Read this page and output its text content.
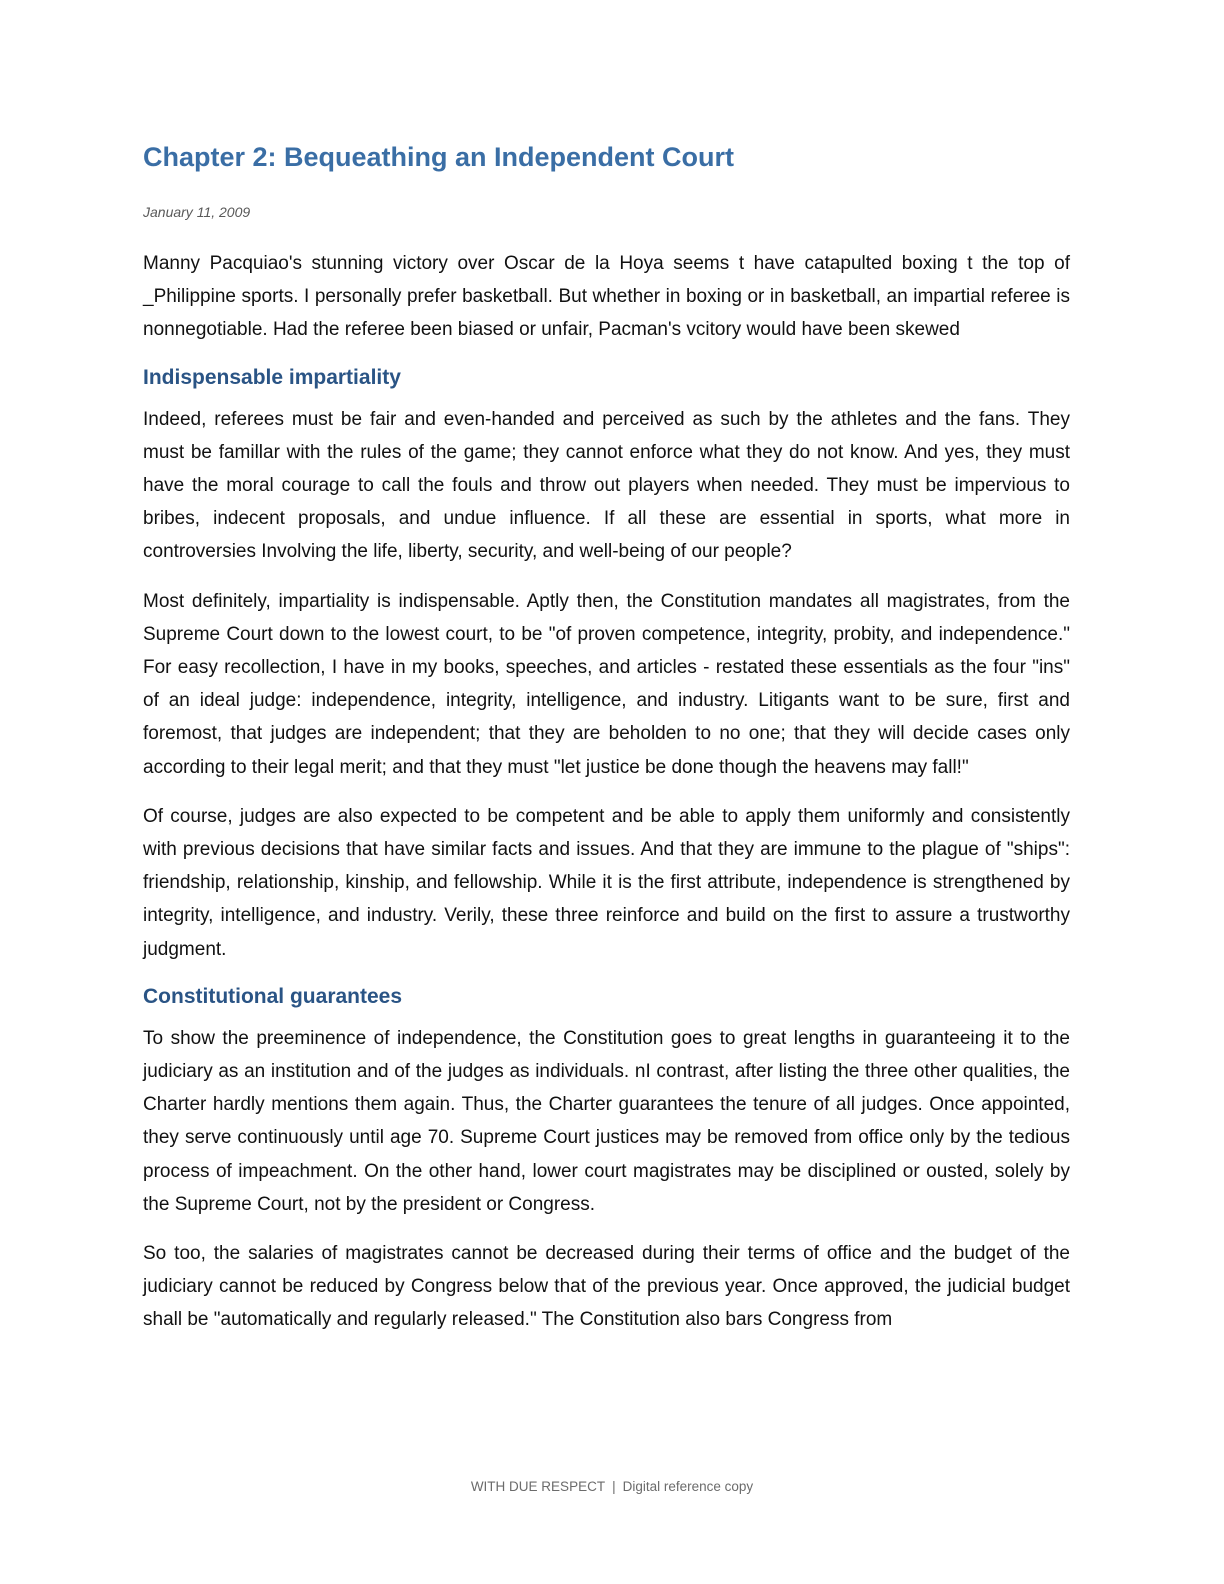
Chapter 2: Bequeathing an Independent Court
January 11, 2009

Manny Pacquiao's stunning victory over Oscar de la Hoya seems t have catapulted boxing t the top of _Philippine sports. I personally prefer basketball. But whether in boxing or in basketball, an impartial referee is nonnegotiable. Had the referee been biased or unfair, Pacman's vcitory would have been skewed

Indispensable impartiality

Indeed, referees must be fair and even-handed and perceived as such by the athletes and the fans. They must be famillar with the rules of the game; they cannot enforce what they do not know. And yes, they must have the moral courage to call the fouls and throw out players when needed. They must be impervious to bribes, indecent proposals, and undue influence. If all these are essential in sports, what more in controversies Involving the life, liberty, security, and well-being of our people?

Most definitely, impartiality is indispensable. Aptly then, the Constitution mandates all magistrates, from the Supreme Court down to the lowest court, to be "of proven competence, integrity, probity, and independence." For easy recollection, I have in my books, speeches, and articles - restated these essentials as the four "ins" of an ideal judge: independence, integrity, intelligence, and industry. Litigants want to be sure, first and foremost, that judges are independent; that they are beholden to no one; that they will decide cases only according to their legal merit; and that they must "let justice be done though the heavens may fall!"

Of course, judges are also expected to be competent and be able to apply them uniformly and consistently with previous decisions that have similar facts and issues. And that they are immune to the plague of "ships": friendship, relationship, kinship, and fellowship. While it is the first attribute, independence is strengthened by integrity, intelligence, and industry. Verily, these three reinforce and build on the first to assure a trustworthy judgment.

Constitutional guarantees

To show the preeminence of independence, the Constitution goes to great lengths in guaranteeing it to the judiciary as an institution and of the judges as individuals. nI contrast, after listing the three other qualities, the Charter hardly mentions them again. Thus, the Charter guarantees the tenure of all judges. Once appointed, they serve continuously until age 70. Supreme Court justices may be removed from office only by the tedious process of impeachment. On the other hand, lower court magistrates may be disciplined or ousted, solely by the Supreme Court, not by the president or Congress.

So too, the salaries of magistrates cannot be decreased during their terms of office and the budget of the judiciary cannot be reduced by Congress below that of the previous year. Once approved, the judicial budget shall be "automatically and regularly released." The Constitution also bars Congress from

WITH DUE RESPECT | Digital reference copy
